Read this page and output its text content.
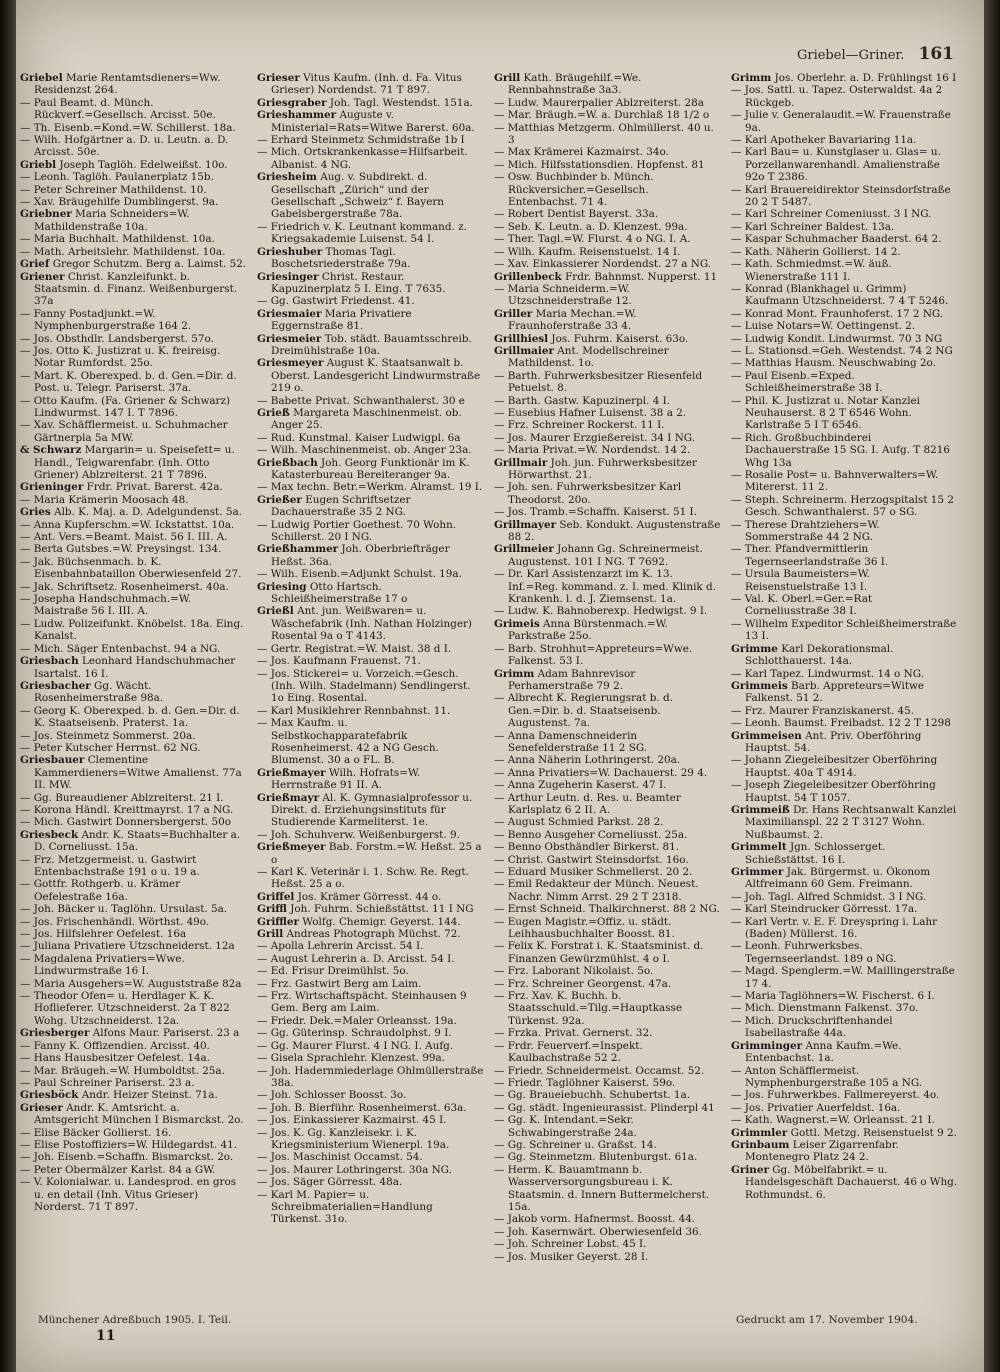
Griebel—Griner. 161
Griebel Marie Rentamtsdieners=Ww. Residenzst 264.
— Paul Beamt. d. Münch. Rückverf.=Gesellsch. Arcisst. 50e.
— Th. Eisenb.=Kond.=W. Schillerst. 18a.
— Wilh. Hofgärtner a. D. u. Leutn. a. D. Arcisst. 50e.
Griebl Joseph Taglöh. Edelweißst. 10o.
— Leonh. Taglöh. Paulanerplatz 15b.
— Peter Schreiner Mathildenst. 10.
— Xav. Bräugehilfe Dumblingerst. 9a.
Griebner Maria Schneiders=W. Mathildenstraße 10a.
— Maria Buchhalt. Mathildenst. 10a.
— Math. Arbeitslehr. Mathildenst. 10a.
Grief Gregor Schutzm. Berg a. Laimst. 52.
Griener Christ. Kanzleifunkt. b. Staatsmin. d. Finanz. Weißenburgerst. 37a
— Fanny Postadjunkt.=W. Nymphenburgerstraße 164 2.
— Jos. Obsthdlr. Landsbergerst. 57o.
— Jos. Otto K. Justizrat u. K. freireisg. Notar Rumfordst. 25o.
— Mart. K. Oberexped. b. d. Gen.=Dir. d. Post. u. Telegr. Pariserst. 37a.
— Otto Kaufm. (Fa. Griener & Schwarz) Lindwurmst. 147 I. T 7896.
— Xav. Schäfflermeist. u. Schuhmacher Gärtnerpla 5a MW.
& Schwarz Margarin= u. Speisefett= u. Handl., Teigwarenfabr. (Inh. Otto Griener) Ablzreiterst. 21 T 7896.
Grieninger Frdr. Privat. Barerst. 42a.
— Maria Krämerin Moosach 48.
Gries Alb. K. Maj. a. D. Adelgundenst. 5a.
— Anna Kupferschm.=W. Ickstattst. 10a.
— Ant. Vers.=Beamt. Maist. 56 I. III. A.
— Berta Gutsbes.=W. Preysingst. 134.
— Jak. Büchsenmach. b. K. Eisenbahnbataillon Oberwiesenfeld 27.
— Jak. Schriftsetz. Rosenheimerst. 40a.
— Josepha Handschuhmach.=W. Maistraße 56 I. III. A.
— Ludw. Polizeifunkt. Knöbelst. 18a. Eing. Kanalst.
— Mich. Säger Entenbachst. 94 a NG.
Griesbach Leonhard Handschuhmacher Isartalst. 16 I.
Griesbacher Gg. Wächt. Rosenheimerstraße 98a.
— Georg K. Oberexped. b. d. Gen.=Dir. d. K. Staatseisenb. Praterst. 1a.
— Jos. Steinmetz Sommerst. 20a.
— Peter Kutscher Herrnst. 62 NG.
Griesbauer Clementine Kammerdieners=Witwe Amalienst. 77a II. MW.
— Gg. Bureaudiener Ablzreiterst. 21 I.
— Korona Händl. Kreittmayrst. 17 a NG.
— Mich. Gastwirt Donnersbergerst. 50o
Griesbeck Andr. K. Staats=Buchhalter a. D. Corneliusst. 15a.
— Frz. Metzgermeist. u. Gastwirt Entenbachstraße 191 o u. 19 a.
— Gottfr. Rothgerb. u. Krämer Oefelestraße 16a.
— Joh. Bäcker u. Taglöhn. Ursulast. 5a.
— Jos. Frischenhändl. Wörthst. 49o.
— Jos. Hilfslehrer Oefelest. 16a
— Juliana Privatiere Utzschneiderst. 12a
— Magdalena Privatiers=Wwe. Lindwurmstraße 16 I.
— Maria Ausgehers=W. Auguststraße 82a
— Theodor Ofen= u. Herdlager K. K. Hoflieferer. Utzschneiderst. 2a T 822 Wohg. Utzschneiderst. 12a.
Griesberger Alfons Maur. Pariserst. 23 a
— Fanny K. Offizendien. Arcisst. 40.
— Hans Hausbesitzer Oefelest. 14a.
— Mar. Bräugeh.=W. Humboldtst. 25a.
— Paul Schreiner Pariserst. 23 a.
Griesböck Andr. Heizer Steinst. 71a.
Grieser Andr. K. Amtsricht. a. Amtsgericht München I Bismarckst. 2o.
— Elise Bäcker Gollierst. 16.
— Elise Postoffiziers=W. Hildegardst. 41.
— Joh. Eisenb.=Schaffn. Bismarckst. 2o.
— Peter Obermälzer Karlst. 84 a GW.
— V. Kolonialwar. u. Landesprod. en gros u. en detail (Inh. Vitus Grieser) Norderst. 71 T 897.
Grieser Vitus Kaufm. (Inh. d. Fa. Vitus Grieser) Nordendst. 71 T 897.
Griesgraber Joh. Tagl. Westendst. 151a.
Grieshammer Auguste v. Ministerial=Rats=Witwe Barerst. 60a.
— Erhard Steinmetz Schmidstraße 1b I
— Mich. Ortskrankenkasse=Hilfsarbeit. Albanist. 4 NG.
Griesheim Aug. v. Subdirekt. d. Gesellschaft „Zürich“ und der Gesellschaft „Schweiz“ f. Bayern Gabelsbergerstraße 78a.
— Friedrich v. K. Leutnant kommand. z. Kriegsakademie Luisenst. 54 I.
Grieshuber Thomas Tagl. Boschetsriederstraße 79a.
Griesinger Christ. Restaur. Kapuzinerplatz 5 I. Eing. T 7635.
— Gg. Gastwirt Friedenst. 41.
Griesmaier Maria Privatiere Eggernstraße 81.
Griesmeier Tob. städt. Bauamtsschreib. Dreimühlstraße 10a.
Griesmeyer August K. Staatsanwalt b. Oberst. Landesgericht Lindwurmstraße 219 o.
— Babette Privat. Schwanthalerst. 30 e
Grieß Margareta Maschinenmeist. ob. Anger 25.
— Rud. Kunstmal. Kaiser Ludwigpl. 6a
— Wilh. Maschinenmeist. ob. Anger 23a.
Grießbach Joh. Georg Funktionär im K. Katasterbureau Bereiteranger 9a.
— Max techn. Betr.=Werkm. Alramst. 19 I.
Grießer Eugen Schriftsetzer Dachauerstraße 35 2 NG.
— Ludwig Portier Goethest. 70 Wohn. Schillerst. 20 I NG.
Grießhammer Joh. Oberbriefträger Heßst. 36a.
— Wilh. Eisenb.=Adjunkt Schulst. 19a.
Griesing Otto Hartsch. Schleißheimerstraße 17 o
Grießl Ant. jun. Weißwaren= u. Wäschefabrik (Inh. Nathan Holzinger) Rosental 9a o T 4143.
— Gertr. Registrat.=W. Maist. 38 d I.
— Jos. Kaufmann Frauenst. 71.
— Jos. Stickerei= u. Vorzeich.=Gesch. (Inh. Wilh. Stadelmann) Sendlingerst. 1o Eing. Rosental.
— Karl Musiklehrer Rennbahnst. 11.
— Max Kaufm. u. Selbstkochapparatefabrik Rosenheimerst. 42 a NG Gesch. Blumenst. 30 a o FL. B.
Grießmayer Wilh. Hofrats=W. Herrnstraße 91 II. A.
Grießmayr Al. K. Gymnasialprofessor u. Direkt. d. Erziehungsinstituts für Studierende Karmeliterst. 1e.
— Joh. Schuhverw. Weißenburgerst. 9.
Grießmeyer Bab. Forstm.=W. Heßst. 25 a o
— Karl K. Veterinär i. 1. Schw. Re. Regt. Heßst. 25 a o.
Griffel Jos. Krämer Görresst. 44 o.
Griffl Joh. Fuhrm. Schießstättst. 11 I NG
Griffler Wolfg. Chemigr. Geyerst. 144.
Grill Andreas Photograph Müchst. 72.
— Apolla Lehrerin Arcisst. 54 I.
— August Lehrerin a. D. Arcisst. 54 I.
— Ed. Frisur Dreimühlst. 5o.
— Frz. Gastwirt Berg am Laim.
— Frz. Wirtschaftspächt. Steinhausen 9 Gem. Berg am Laim.
— Friedr. Dek.=Maler Orleansst. 19a.
— Gg. Güterinsp. Schraudolphst. 9 I.
— Gg. Maurer Flurst. 4 I NG. I. Aufg.
— Gisela Sprachlehr. Klenzest. 99a.
— Joh. Hadernmiederlage Ohlmüllerstraße 38a.
— Joh. Schlosser Boosst. 3o.
— Joh. B. Bierführ. Rosenheimerst. 63a.
— Jos. Einkassierer Kazmairst. 45 I.
— Jos. K. Gg. Kanzleisekr. i. K. Kriegsministerium Wienerpl. 19a.
— Jos. Maschinist Occamst. 54.
— Jos. Maurer Lothringerst. 30a NG.
— Jos. Säger Görresst. 48a.
— Karl M. Papier= u. Schreibmaterialien=Handlung Türkenst. 31o.
Grill Kath. Bräugehilf.=We. Rennbahnstraße 3a3.
— Ludw. Maurerpalier Ablzreiterst. 28a
— Mar. Bräugh.=W. a. Durchlaß 18 1/2 o
— Matthias Metzgerm. Ohlmüllerst. 40 u. 3
— Max Krämerei Kazmairst. 34o.
— Mich. Hilfsstationsdien. Hopfenst. 81
— Osw. Buchbinder b. Münch. Rückversicher.=Gesellsch. Entenbachst. 71 4.
— Robert Dentist Bayerst. 33a.
— Seb. K. Leutn. a. D. Klenzest. 99a.
— Ther. Tagl.=W. Flurst. 4 o NG. I. A.
— Wilh. Kaufm. Reisenstuelst. 14 I.
— Xav. Einkassierer Nordendst. 27 a NG.
Grillenbeck Frdr. Bahnmst. Nupperst. 11
— Maria Schneiderm.=W. Utzschneiderstraße 12.
Griller Maria Mechan.=W. Fraunhoferstraße 33 4.
Grillhiesl Jos. Fuhrm. Kaiserst. 63o.
Grillmaier Ant. Modellschreiner Mathildenst. 1o.
— Barth. Fuhrwerksbesitzer Riesenfeld Petuelst. 8.
— Barth. Gastw. Kapuzinerpl. 4 I.
— Eusebius Hafner Luisenst. 38 a 2.
— Frz. Schreiner Rockerst. 11 I.
— Jos. Maurer Erzgießereist. 34 I NG.
— Maria Privat.=W. Nordendst. 14 2.
Grillmair Joh. jun. Fuhrwerksbesitzer Hörwarthst. 21.
— Joh. sen. Fuhrwerksbesitzer Karl Theodorst. 20o.
— Jos. Tramb.=Schaffn. Kaiserst. 51 I.
Grillmayer Seb. Kondukt. Augustenstraße 88 2.
Grillmeier Johann Gg. Schreinermeist. Augustenst. 101 I NG. T 7692.
— Dr. Karl Assistenzarzt im K. 13. Inf.=Reg. kommand. z. I. med. Klinik d. Krankenh. l. d. J. Ziemsenst. 1a.
— Ludw. K. Bahnoberexp. Hedwigst. 9 I.
Grimeis Anna Bürstenmach.=W. Parkstraße 25o.
— Barb. Strohhut=Appreteurs=Wwe. Falkenst. 53 I.
Grimm Adam Bahnrevisor Perhamerstraße 79 2.
— Albrecht K. Regierungsrat b. d. Gen.=Dir. b. d. Staatseisenb. Augustenst. 7a.
— Anna Damenschneiderin Senefelderstraße 11 2 SG.
— Anna Näherin Lothringerst. 20a.
— Anna Privatiers=W. Dachauerst. 29 4.
— Anna Zugeherin Kaserst. 47 I.
— Arthur Leutn. d. Res. u. Beamter Karlsplatz 6 2 II. A.
— August Schmied Parkst. 28 2.
— Benno Ausgeher Corneliusst. 25a.
— Benno Obsthändler Birkerst. 81.
— Christ. Gastwirt Steinsdorfst. 16o.
— Eduard Musiker Schmellerst. 20 2.
— Emil Redakteur der Münch. Neuest. Nachr. Nimm Arrst. 29 2 T 2318.
— Ernst Schneid. Thalkirchnerst. 88 2 NG.
— Eugen Magistr.=Offiz. u. städt. Leihhausbuchhalter Boosst. 81.
— Felix K. Forstrat i. K. Staatsminist. d. Finanzen Gewürzmühlst. 4 o I.
— Frz. Laborant Nikolaist. 5o.
— Frz. Schreiner Georgenst. 47a.
— Frz. Xav. K. Buchh. b. Staatsschuld.=Tilg.=Hauptkasse Türkenst. 92a.
— Frzka. Privat. Gernerst. 32.
— Frdr. Feuerverf.=Inspekt. Kaulbachstraße 52 2.
— Friedr. Schneidermeist. Occamst. 52.
— Friedr. Taglöhner Kaiserst. 59o.
— Gg. Braueiebuchh. Schubertst. 1a.
— Gg. städt. Ingenieurassist. Plinderpl 41
— Gg. K. Intendant.=Sekr. Schwabingerstraße 24a.
— Gg. Schreiner u. Graßst. 14.
— Gg. Steinmetzm. Blutenburgst. 61a.
— Herm. K. Bauamtmann b. Wasserversorgungsbureau i. K. Staatsmin. d. Innern Buttermelcherst. 15a.
— Jakob vorm. Hafnermst. Boosst. 44.
— Joh. Kasernwärt. Oberwiesenfeld 36.
— Joh. Schreiner Lobst. 45 I.
— Jos. Musiker Geyerst. 28 I.
Grimm Jos. Oberlehr. a. D. Frühlingst 16 I
— Jos. Sattl. u. Tapez. Osterwaldst. 4a 2 Rückgeb.
— Julie v. Generalaudit.=W. Frauenstraße 9a.
— Karl Apotheker Bavariaring 11a.
— Karl Bau= u. Kunstglaser u. Glas= u. Porzellanwarenhandl. Amalienstraße 92o T 2386.
— Karl Brauereidirektor Steinsdorfstraße 20 2 T 5487.
— Karl Schreiner Comeniusst. 3 I NG.
— Karl Schreiner Baldest. 13a.
— Kaspar Schuhmacher Baaderst. 64 2.
— Kath. Näherin Gollierst. 14 2.
— Kath. Schmiedmst.=W. äuß. Wienerstraße 111 I.
— Konrad (Blankhagel u. Grimm) Kaufmann Utzschneiderst. 7 4 T 5246.
— Konrad Mont. Fraunhoferst. 17 2 NG.
— Luise Notars=W. Oettingenst. 2.
— Ludwig Kondit. Lindwurmst. 70 3 NG
— L. Stationsd.=Geh. Westendst. 74 2 NG
— Matthias Hausm. Neuschwabing 2o.
— Paul Eisenb.=Exped. Schleißheimerstraße 38 I.
— Phil. K. Justizrat u. Notar Kanzlei Neuhauserst. 8 2 T 6546 Wohn. Karlstraße 5 I T 6546.
— Rich. Großbuchbinderei Dachauerstraße 15 SG. I. Aufg. T 8216 Whg 13a
— Rosalie Post= u. Bahnverwalters=W. Mitererst. 11 2.
— Steph. Schreinerm. Herzogspitalst 15 2 Gesch. Schwanthalerst. 57 o SG.
— Therese Drahtziehers=W. Sommerstraße 44 2 NG.
— Ther. Pfandvermittlerin Tegernseerlandstraße 36 I.
— Ursula Baumeisters=W. Reisenstuelstraße 13 I.
— Val. K. Oberl.=Ger.=Rat Corneliusstraße 38 I.
— Wilhelm Expeditor Schleißheimerstraße 13 I.
Grimme Karl Dekorationsmal. Schlotthauerst. 14a.
— Karl Tapez. Lindwurmst. 14 o NG.
Grimmeis Barb. Appreteurs=Witwe Falkenst. 51 2.
— Frz. Maurer Franziskanerst. 45.
— Leonh. Baumst. Freibadst. 12 2 T 1298
Grimmeisen Ant. Priv. Oberföhring Hauptst. 54.
— Johann Ziegeleibesitzer Oberföhring Hauptst. 40a T 4914.
— Joseph Ziegeleibesitzer Oberföhring Hauptst. 54 T 1057.
Grimmeiß Dr. Hans Rechtsanwalt Kanzlei Maximilianspl. 22 2 T 3127 Wohn. Nußbaumst. 2.
Grimmelt Jgn. Schlosserget. Schießstättst. 16 I.
Grimmer Jak. Bürgermst. u. Ökonom Altfreimann 60 Gem. Freimann.
— Joh. Tagl. Alfred Schmidst. 3 I NG.
— Karl Steindrucker Görresst. 17a.
— Karl Vertr. v. E. F. Dreyspring i. Lahr (Baden) Müllerst. 16.
— Leonh. Fuhrwerksbes. Tegernseerlandst. 189 o NG.
— Magd. Spenglerm.=W. Maillingerstraße 17 4.
— Maria Taglöhners=W. Fischerst. 6 I.
— Mich. Dienstmann Falkenst. 37o.
— Mich. Druckschriftenhandel Isabellastraße 44a.
Grimminger Anna Kaufm.=We. Entenbachst. 1a.
— Anton Schäfflermeist. Nymphenburgerstraße 105 a NG.
— Jos. Fuhrwerkbes. Fallmereyerst. 4o.
— Jos. Privatier Auerfeldst. 16a.
— Kath. Wagnerst.=W. Orleansst. 21 I.
Grimmler Gottl. Metzg. Reisenstuelst 9 2.
Grinbaum Leiser Zigarrenfabr. Montenegro Platz 24 2.
Griner Gg. Möbelfabrikt.= u. Handelsgeschäft Dachauerst. 46 o Whg. Rothmundst. 6.
Münchener Adreßbuch 1905. I. Teil.
11
Gedruckt am 17. November 1904.
